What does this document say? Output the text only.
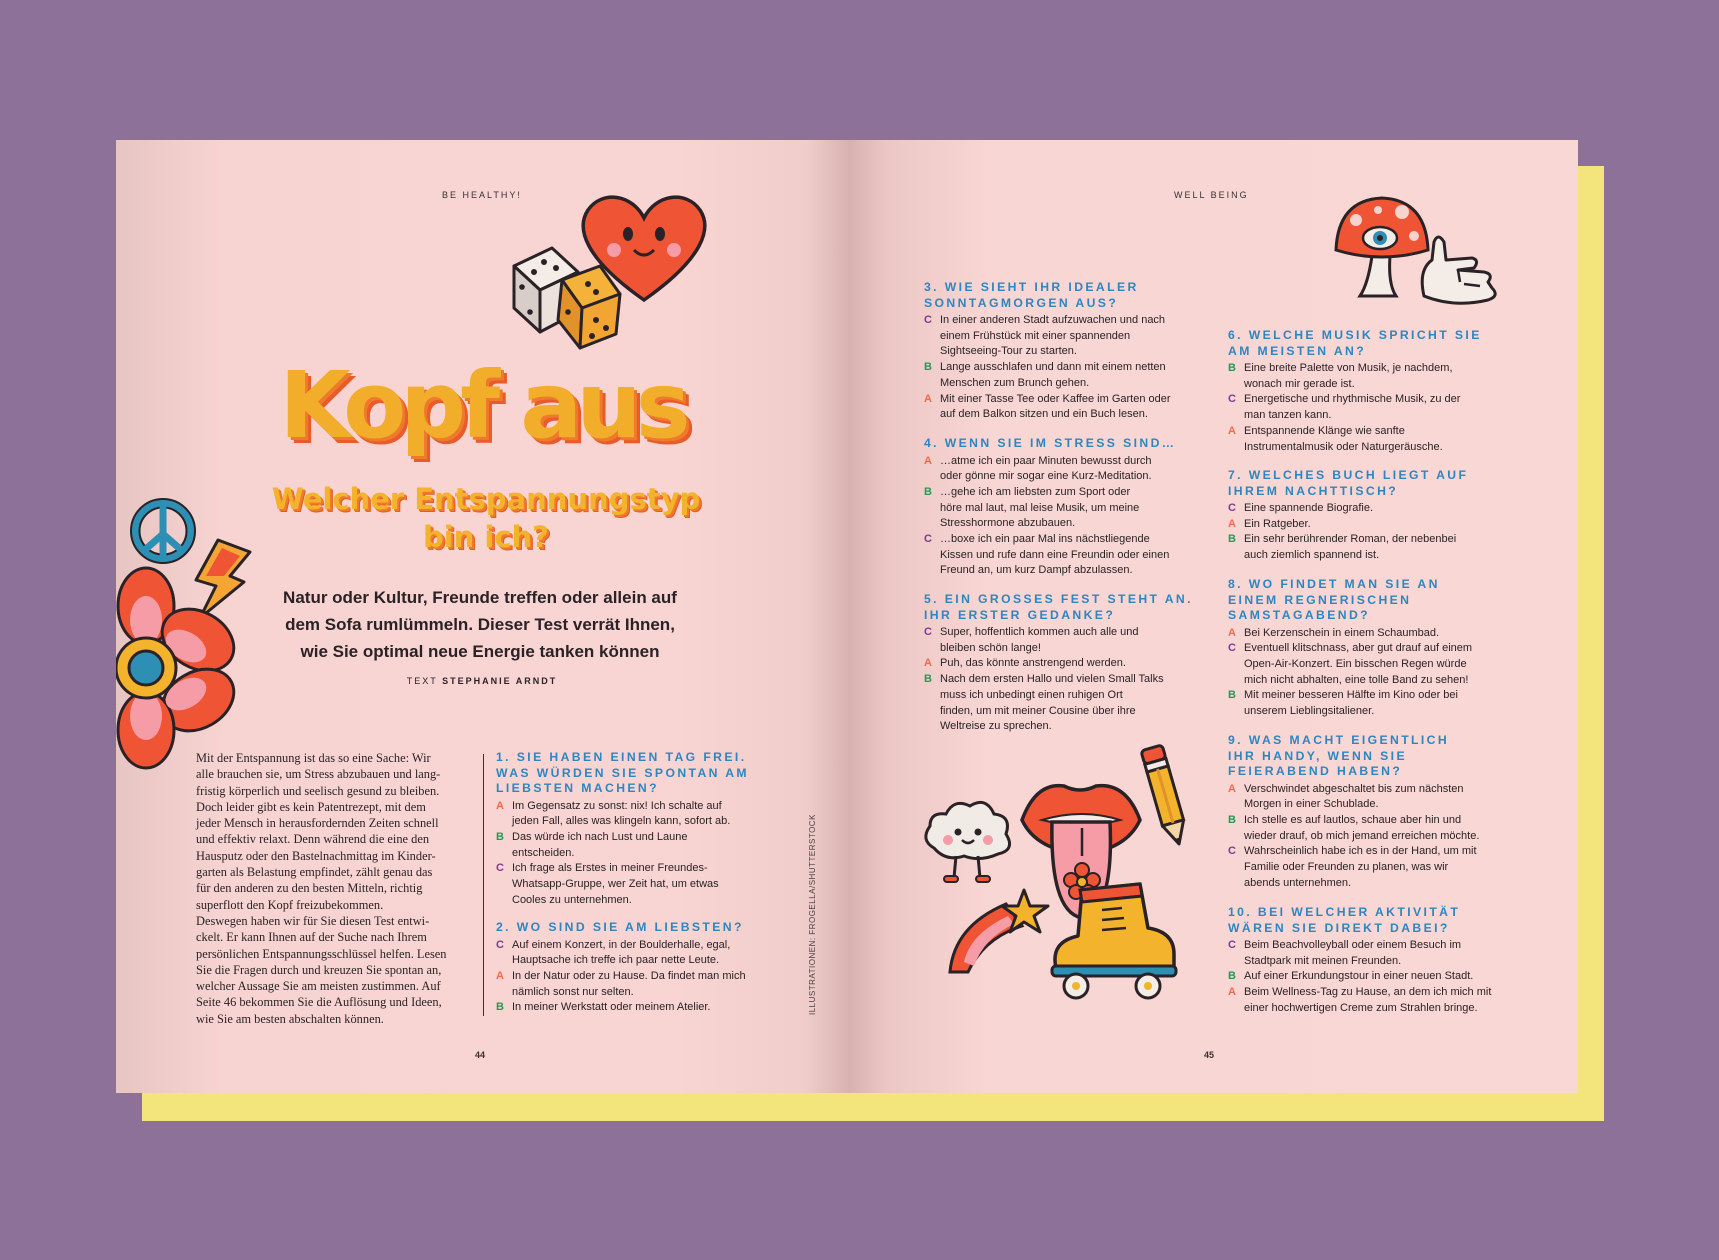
BE HEALTHY!
Kopf aus
Welcher Entspannungstyp
bin ich?
Natur oder Kultur, Freunde treffen oder allein auf
dem Sofa rumlümmeln. Dieser Test verrät Ihnen,
wie Sie optimal neue Energie tanken können
TEXT STEPHANIE ARNDT
Mit der Entspannung ist das so eine Sache: Wir
alle brauchen sie, um Stress abzubauen und lang-
fristig körperlich und seelisch gesund zu bleiben.
Doch leider gibt es kein Patentrezept, mit dem
jeder Mensch in herausfordernden Zeiten schnell
und effektiv relaxt. Denn während die eine den
Hausputz oder den Bastelnachmittag im Kinder-
garten als Belastung empfindet, zählt genau das
für den anderen zu den besten Mitteln, richtig
superflott den Kopf freizubekommen.
Deswegen haben wir für Sie diesen Test entwi-
ckelt. Er kann Ihnen auf der Suche nach Ihrem
persönlichen Entspannungsschlüssel helfen. Lesen
Sie die Fragen durch und kreuzen Sie spontan an,
welcher Aussage Sie am meisten zustimmen. Auf
Seite 46 bekommen Sie die Auflösung und Ideen,
wie Sie am besten abschalten können.
1. SIE HABEN EINEN TAG FREI.
WAS WÜRDEN SIE SPONTAN AM
LIEBSTEN MACHEN?
A Im Gegensatz zu sonst: nix! Ich schalte auf
jeden Fall, alles was klingeln kann, sofort ab.
B Das würde ich nach Lust und Laune
entscheiden.
C Ich frage als Erstes in meiner Freundes-
Whatsapp-Gruppe, wer Zeit hat, um etwas
Cooles zu unternehmen.
2. WO SIND SIE AM LIEBSTEN?
C Auf einem Konzert, in der Boulderhalle, egal,
Hauptsache ich treffe ich paar nette Leute.
A In der Natur oder zu Hause. Da findet man mich
nämlich sonst nur selten.
B In meiner Werkstatt oder meinem Atelier.	ILLUSTRATIONEN: FROGELLA/SHUTTERSTOCK
44
WELL BEING
3. WIE SIEHT IHR IDEALER
SONNTAGMORGEN AUS?
C In einer anderen Stadt aufzuwachen und nach
einem Frühstück mit einer spannenden
Sightseeing-Tour zu starten.
B Lange ausschlafen und dann mit einem netten
Menschen zum Brunch gehen.
A Mit einer Tasse Tee oder Kaffee im Garten oder
auf dem Balkon sitzen und ein Buch lesen.
4. WENN SIE IM STRESS SIND…
A …atme ich ein paar Minuten bewusst durch
oder gönne mir sogar eine Kurz-Meditation.
B …gehe ich am liebsten zum Sport oder
höre mal laut, mal leise Musik, um meine
Stresshormone abzubauen.
C …boxe ich ein paar Mal ins nächstliegende
Kissen und rufe dann eine Freundin oder einen
Freund an, um kurz Dampf abzulassen.
5. EIN GROSSES FEST STEHT AN.
IHR ERSTER GEDANKE?
C Super, hoffentlich kommen auch alle und
bleiben schön lange!
A Puh, das könnte anstrengend werden.
B Nach dem ersten Hallo und vielen Small Talks
muss ich unbedingt einen ruhigen Ort
finden, um mit meiner Cousine über ihre
Weltreise zu sprechen.
6. WELCHE MUSIK SPRICHT SIE
AM MEISTEN AN?
B Eine breite Palette von Musik, je nachdem,
wonach mir gerade ist.
C Energetische und rhythmische Musik, zu der
man tanzen kann.
A Entspannende Klänge wie sanfte
Instrumentalmusik oder Naturgeräusche.
7. WELCHES BUCH LIEGT AUF
IHREM NACHTTISCH?
C Eine spannende Biografie.
A Ein Ratgeber.
B Ein sehr berührender Roman, der nebenbei
auch ziemlich spannend ist.
8. WO FINDET MAN SIE AN
EINEM REGNERISCHEN
SAMSTAGABEND?
A Bei Kerzenschein in einem Schaumbad.
C Eventuell klitschnass, aber gut drauf auf einem
Open-Air-Konzert. Ein bisschen Regen würde
mich nicht abhalten, eine tolle Band zu sehen!
B Mit meiner besseren Hälfte im Kino oder bei
unserem Lieblingsitaliener.
9. WAS MACHT EIGENTLICH
IHR HANDY, WENN SIE
FEIERABEND HABEN?
A Verschwindet abgeschaltet bis zum nächsten
Morgen in einer Schublade.
B Ich stelle es auf lautlos, schaue aber hin und
wieder drauf, ob mich jemand erreichen möchte.
C Wahrscheinlich habe ich es in der Hand, um mit
Familie oder Freunden zu planen, was wir
abends unternehmen.
10. BEI WELCHER AKTIVITÄT
WÄREN SIE DIREKT DABEI?
C Beim Beachvolleyball oder einem Besuch im
Stadtpark mit meinen Freunden.
B Auf einer Erkundungstour in einer neuen Stadt.
A Beim Wellness-Tag zu Hause, an dem ich mich mit
einer hochwertigen Creme zum Strahlen bringe.
45
